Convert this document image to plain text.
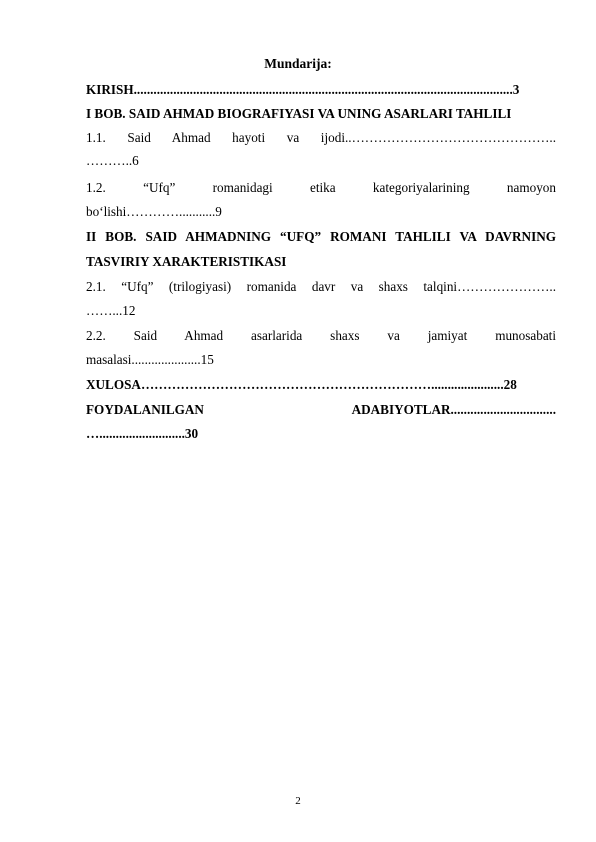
Mundarija:
KIRISH...................................................................................................................3
I BOB. SAID AHMAD BIOGRAFIYASI VA UNING ASARLARI TAHLILI
1.1. Said Ahmad hayoti va ijodi..………………………………………..
………..6
1.2. “Ufq” romanidagi etika kategoriyalarining namoyon
bo‘lishi…………...........9
II BOB. SAID AHMADNING “UFQ” ROMANI TAHLILI VA DAVRNING
TASVIRIY XARAKTERISTIKASI
2.1. “Ufq” (trilogiyasi) romanida davr va shaxs talqini…………………..
……...12
2.2. Said Ahmad asarlarida shaxs va jamiyat munosabati
masalasi.....................15
XULOSA…………………………………………………………......................28
FOYDALANILGAN ADABIYOTLAR................................
…..........................30
2
